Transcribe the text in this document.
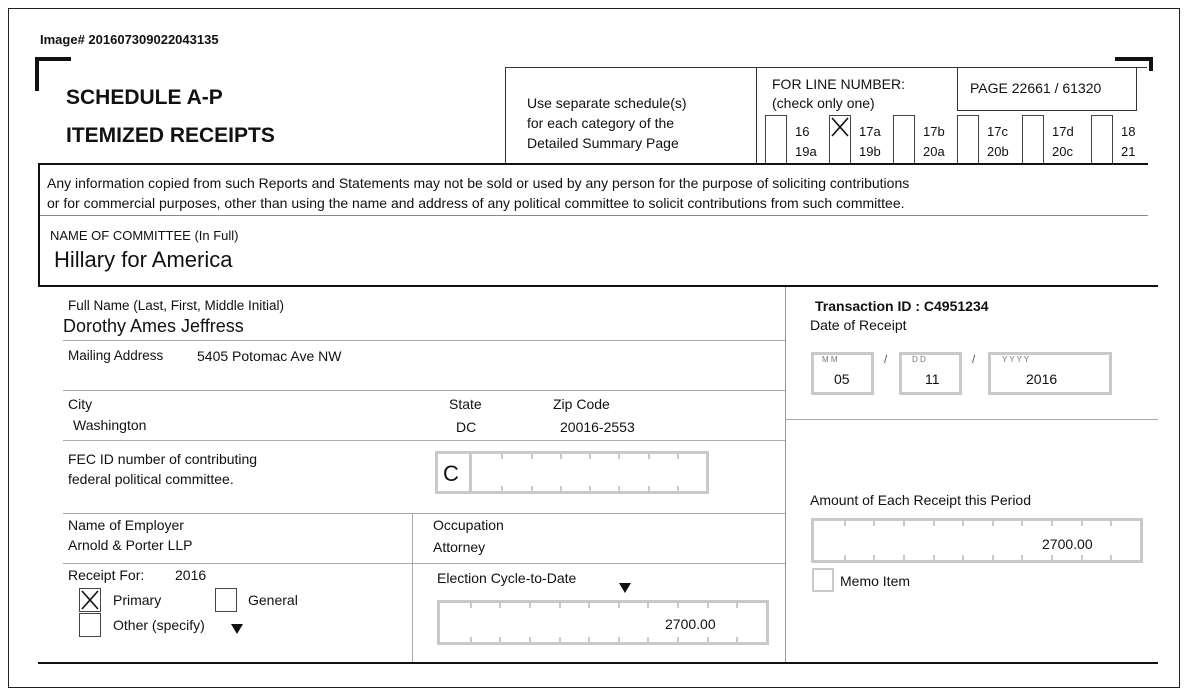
Image# 201607309022043135
SCHEDULE A-P
ITEMIZED RECEIPTS
Use separate schedule(s)
for each category of the
Detailed Summary Page
FOR LINE NUMBER:
(check only one)
PAGE 22661 / 61320
16
19a
17a
19b
17b
20a
17c
20b
17d
20c
18
21
Any information copied from such Reports and Statements may not be sold or used by any person for the purpose of soliciting contributions
or for commercial purposes, other than using the name and address of any political committee to solicit contributions from such committee.
NAME OF COMMITTEE (In Full)
Hillary for America
Full Name (Last, First, Middle Initial)
Dorothy Ames Jeffress
Mailing Address 5405 Potomac Ave NW
City
Washington
State
DC
Zip Code
20016-2553
FEC ID number of contributing
federal political committee.	C
Name of Employer
Arnold & Porter LLP
Occupation
Attorney
Receipt For: 2016
Primary	General
Other (specify)
Election Cycle-to-Date
2700.00
Transaction ID : C4951234
Date of Receipt
M M
05
/	D D
11
/	Y Y Y Y
2016
Amount of Each Receipt this Period
2700.00
Memo Item
